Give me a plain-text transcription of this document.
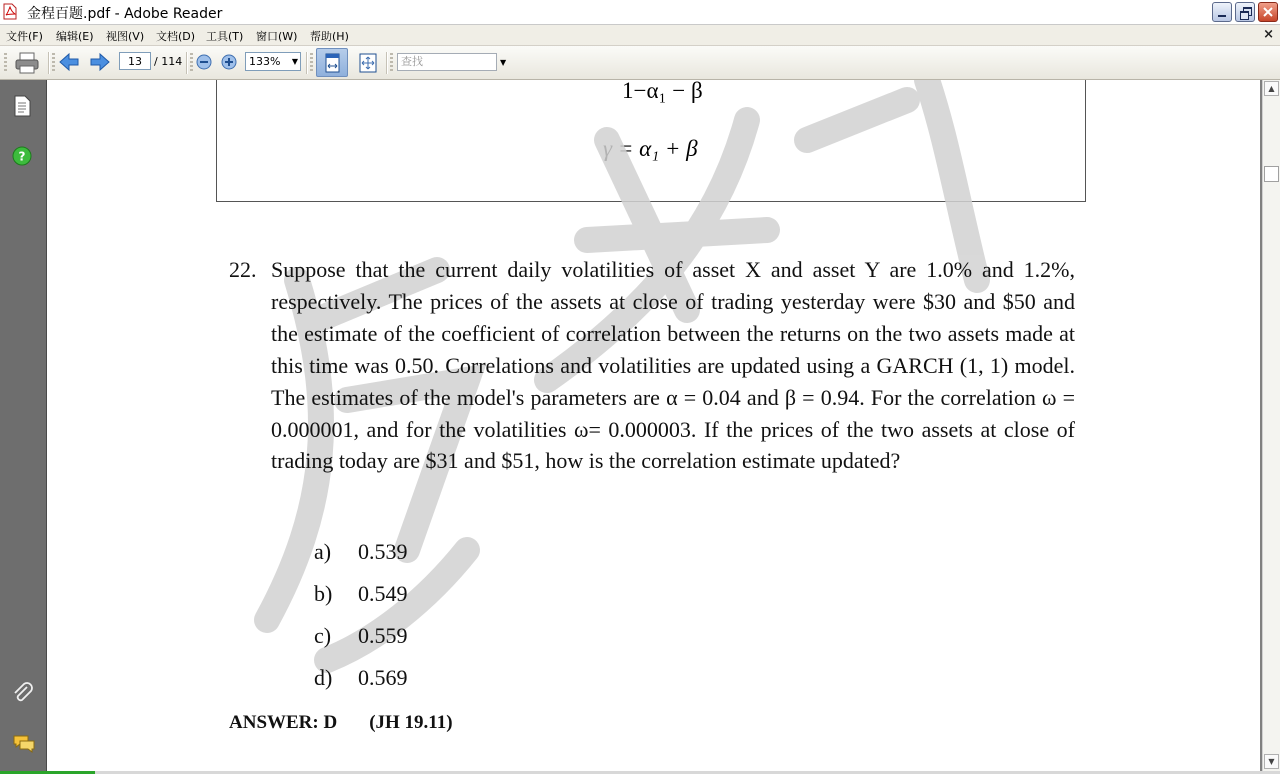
金程百题.pdf - Adobe Reader
文件(F) 编辑(E) 视图(V) 文档(D) 工具(T) 窗口(W) 帮助(H)	×
13	/ 114	133% ▼	查找	▼
?
1−α₁ − β
γ = α₁ + β
22. Suppose that the current daily volatilities of asset X and asset Y are 1.0% and 1.2%, respectively. The prices of the assets at close of trading yesterday were $30 and $50 and the estimate of the coefficient of correlation between the returns on the two assets made at this time was 0.50. Correlations and volatilities are updated using a GARCH (1, 1) model. The estimates of the model's parameters are α = 0.04 and β = 0.94. For the correlation ω = 0.000001, and for the volatilities ω= 0.000003. If the prices of the two assets at close of trading today are $31 and $51, how is the correlation estimate updated?
a) 0.539
b) 0.549
c) 0.559
d) 0.569
ANSWER: D (JH 19.11)
▲
▼
